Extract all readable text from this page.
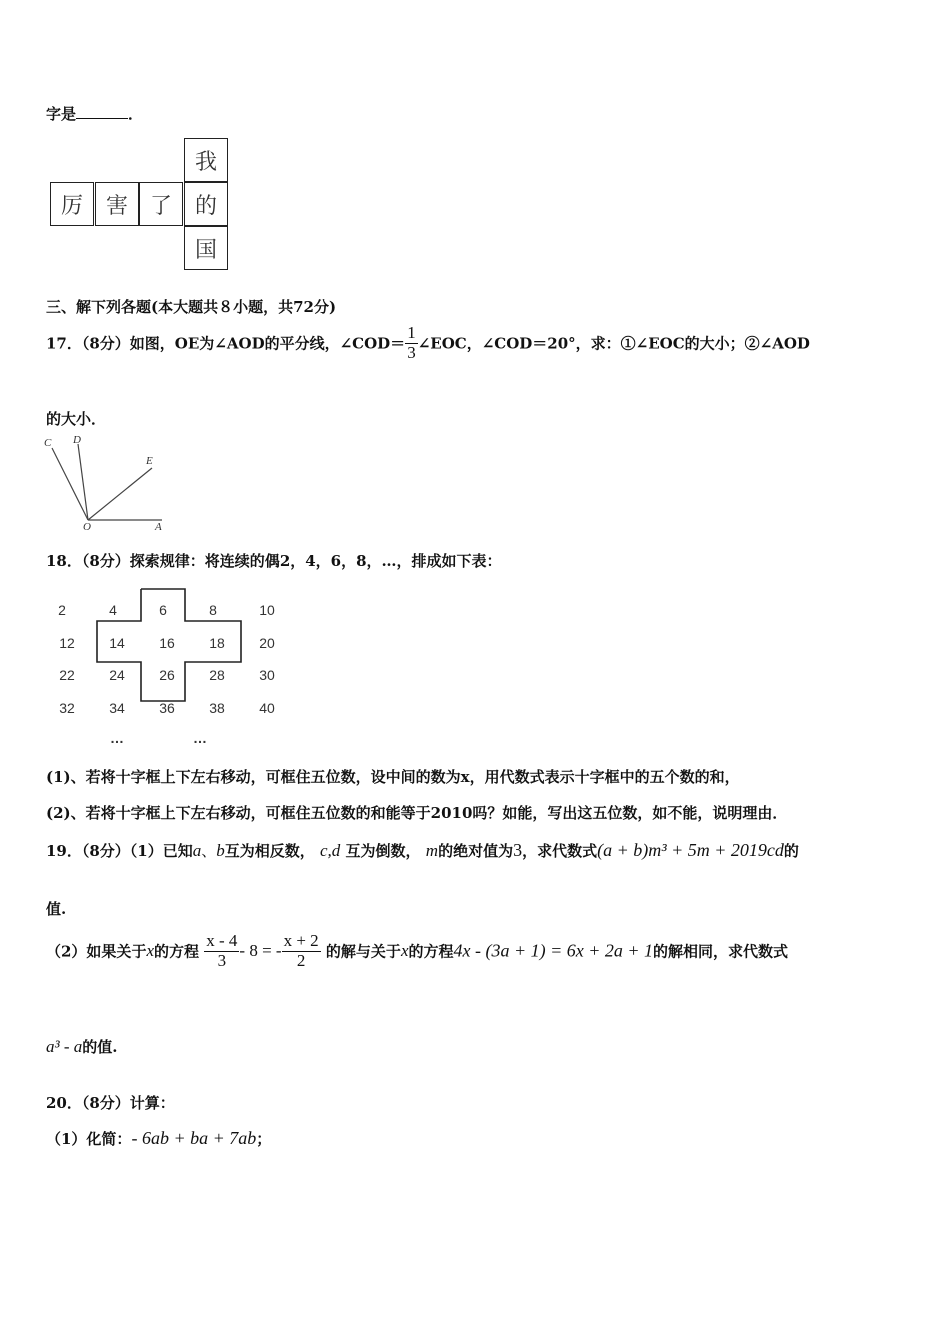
字是	．
我
厉	害 了	的
国
三、解下列各题(本大题共８小题，共72分)
17．（8分）如图，OE为∠AOD的平分线，∠COD＝ $\frac{1}{3}$ ∠EOC，∠COD＝20°，求：①∠EOC的大小；②∠AOD
的大小．
C D
E
O	A
18．（8分）探索规律：将连续的偶2，4，6，8，…，排成如下表：
2	4	6	8	10
12	14	16	18	20
22	24	26	28	30
32	34	36	38	40
…	…
(1)、若将十字框上下左右移动，可框住五位数，设中间的数为x，用代数式表示十字框中的五个数的和，
(2)、若将十字框上下左右移动，可框住五位数的和能等于2010吗？如能，写出这五位数，如不能，说明理由．
19．（8分）（1）已知a、b互为相反数， c,d 互为倒数， m的绝对值为3，求代数式(a + b)m³ + 5m + 2019cd的
值.
（2）如果关于x的方程 $\frac{x - 4}{3} - 8$ = - $\frac{x + 2}{2}$ 的解与关于x的方程4x - (3a + 1) = 6x + 2a + 1的解相同，求代数式
a³ - a的值.
20．（8分）计算：
（1）化简：- 6ab + ba + 7ab；
